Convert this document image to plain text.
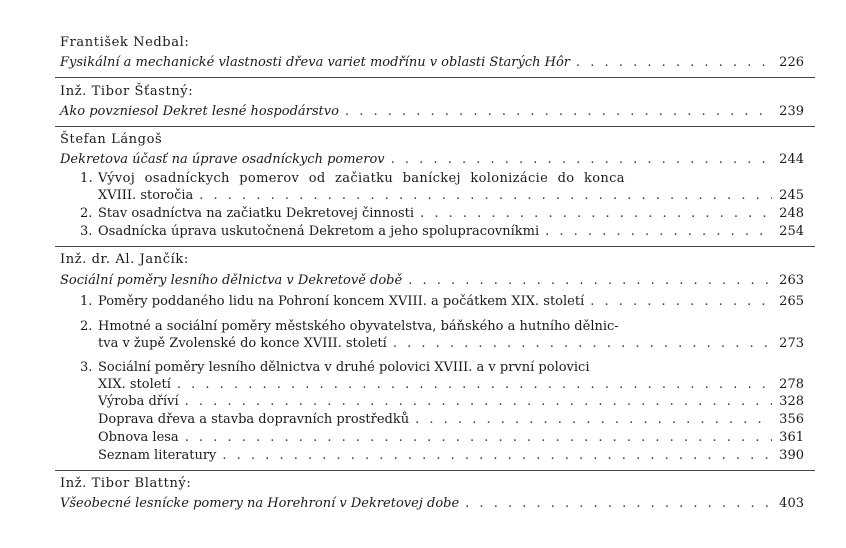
František Nedbal:
Fysikální a mechanické vlastnosti dřeva variet modřínu v oblasti Starých Hôr . . .	226
Inž. Tibor Šťastný:
Ako povzniesol Dekret lesné hospodárstvo . . .	239
Štefan Lángoš
Dekretova účasť na úprave osadníckych pomerov . . .	244
1. Vývoj osadníckych pomerov od začiatku baníckej kolonizácie do konca
XVIII. storočia . . .	245
2. Stav osadníctva na začiatku Dekretovej činnosti . . .	248
3. Osadnícka úprava uskutočnená Dekretom a jeho spolupracovníkmi . . .	254
Inž. dr. Al. Jančík:
Sociální poměry lesního dělnictva v Dekretově době . . .	263
1. Poměry poddaného lidu na Pohroní koncem XVIII. a počátkem XIX. století . . .	265
2. Hmotné a sociální poměry městského obyvatelstva, báňského a hutního dělnic-
tva v župě Zvolenské do konce XVIII. století . . .	273
3. Sociální poměry lesního dělnictva v druhé polovici XVIII. a v první polovici
XIX. století . . .	278
Výroba dříví . . .	328
Doprava dřeva a stavba dopravních prostředků . . .	356
Obnova lesa . . .	361
Seznam literatury . . .	390
Inž. Tibor Blattný:
Všeobecné lesnícke pomery na Horehroní v Dekretovej dobe . . .	403
